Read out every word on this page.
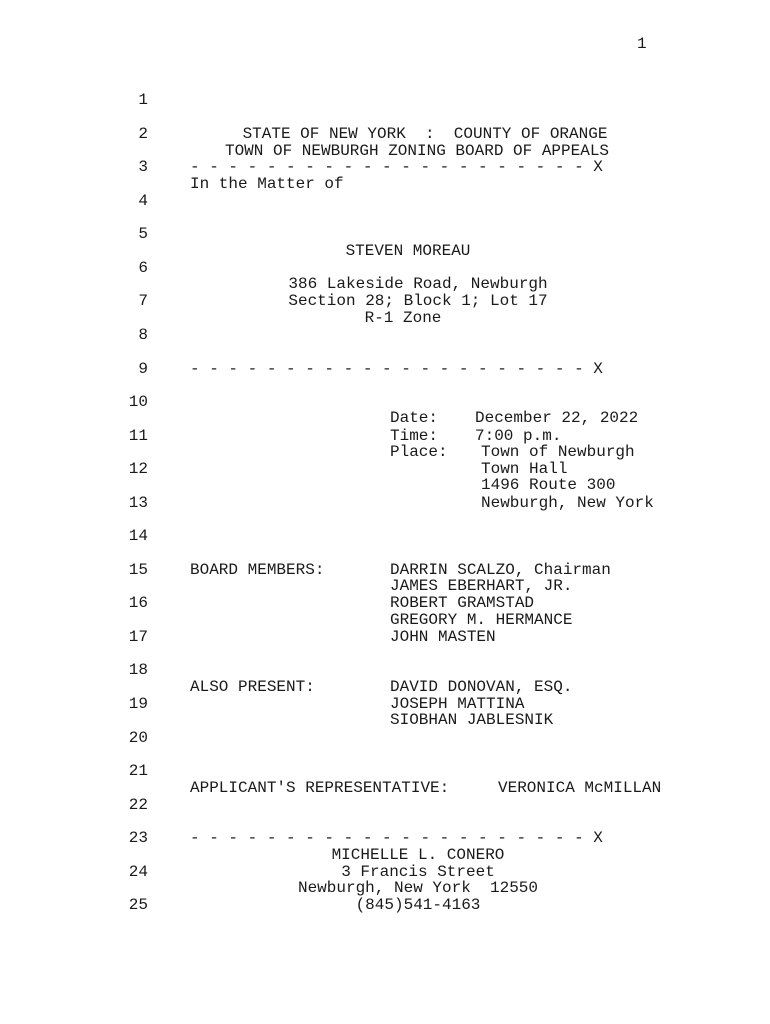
1
1
2
3
4
5
6
7
8
9
10
11
12
13
14
15
16
17
18
19
20
21
22
23
24
25
STATE OF NEW YORK  :  COUNTY OF ORANGE
TOWN OF NEWBURGH ZONING BOARD OF APPEALS
- - - - - - - - - - - - - - - - - - - - - X
In the Matter of
STEVEN MOREAU
386 Lakeside Road, Newburgh
Section 28; Block 1; Lot 17
R-1 Zone
- - - - - - - - - - - - - - - - - - - - - X
Date: December 22, 2022
Time: 7:00 p.m.
Place: Town of Newburgh
Town Hall
1496 Route 300
Newburgh, New York
BOARD MEMBERS:	DARRIN SCALZO, Chairman
JAMES EBERHART, JR.
ROBERT GRAMSTAD
GREGORY M. HERMANCE
JOHN MASTEN
ALSO PRESENT:	DAVID DONOVAN, ESQ.
JOSEPH MATTINA
SIOBHAN JABLESNIK
APPLICANT'S REPRESENTATIVE:	VERONICA McMILLAN
- - - - - - - - - - - - - - - - - - - - - X
MICHELLE L. CONERO
3 Francis Street
Newburgh, New York  12550
(845)541-4163
